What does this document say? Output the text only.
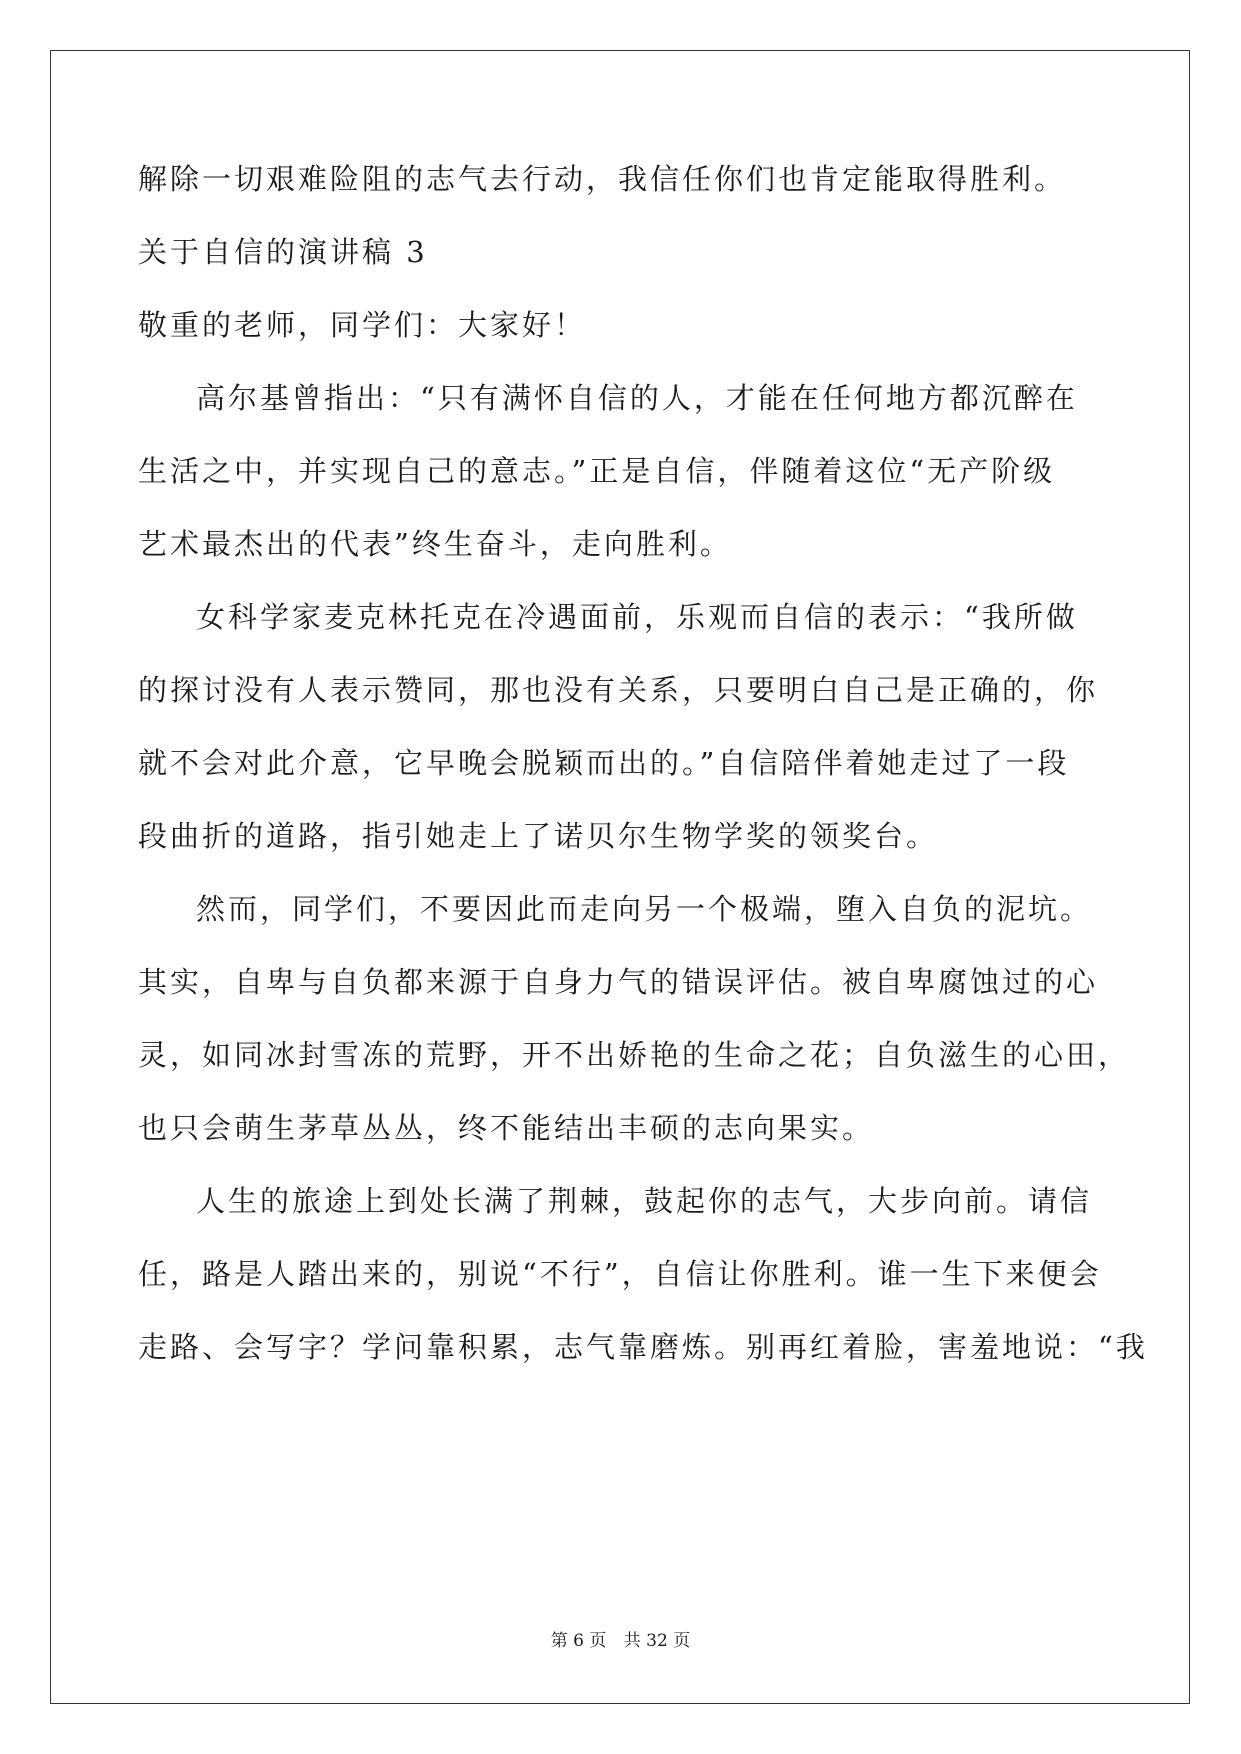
解除一切艰难险阻的志气去行动，我信任你们也肯定能取得胜利。
关于自信的演讲稿 3
敬重的老师，同学们：大家好！
高尔基曾指出：“只有满怀自信的人，才能在任何地方都沉醉在
生活之中，并实现自己的意志。”正是自信，伴随着这位“无产阶级
艺术最杰出的代表”终生奋斗，走向胜利。
女科学家麦克林托克在冷遇面前，乐观而自信的表示：“我所做
的探讨没有人表示赞同，那也没有关系，只要明白自己是正确的，你
就不会对此介意，它早晚会脱颖而出的。”自信陪伴着她走过了一段
段曲折的道路，指引她走上了诺贝尔生物学奖的领奖台。
然而，同学们，不要因此而走向另一个极端，堕入自负的泥坑。
其实，自卑与自负都来源于自身力气的错误评估。被自卑腐蚀过的心
灵，如同冰封雪冻的荒野，开不出娇艳的生命之花；自负滋生的心田，
也只会萌生茅草丛丛，终不能结出丰硕的志向果实。
人生的旅途上到处长满了荆棘，鼓起你的志气，大步向前。请信
任，路是人踏出来的，别说“不行”，自信让你胜利。谁一生下来便会
走路、会写字？学问靠积累，志气靠磨炼。别再红着脸，害羞地说：“我
第 6 页 共 32 页
